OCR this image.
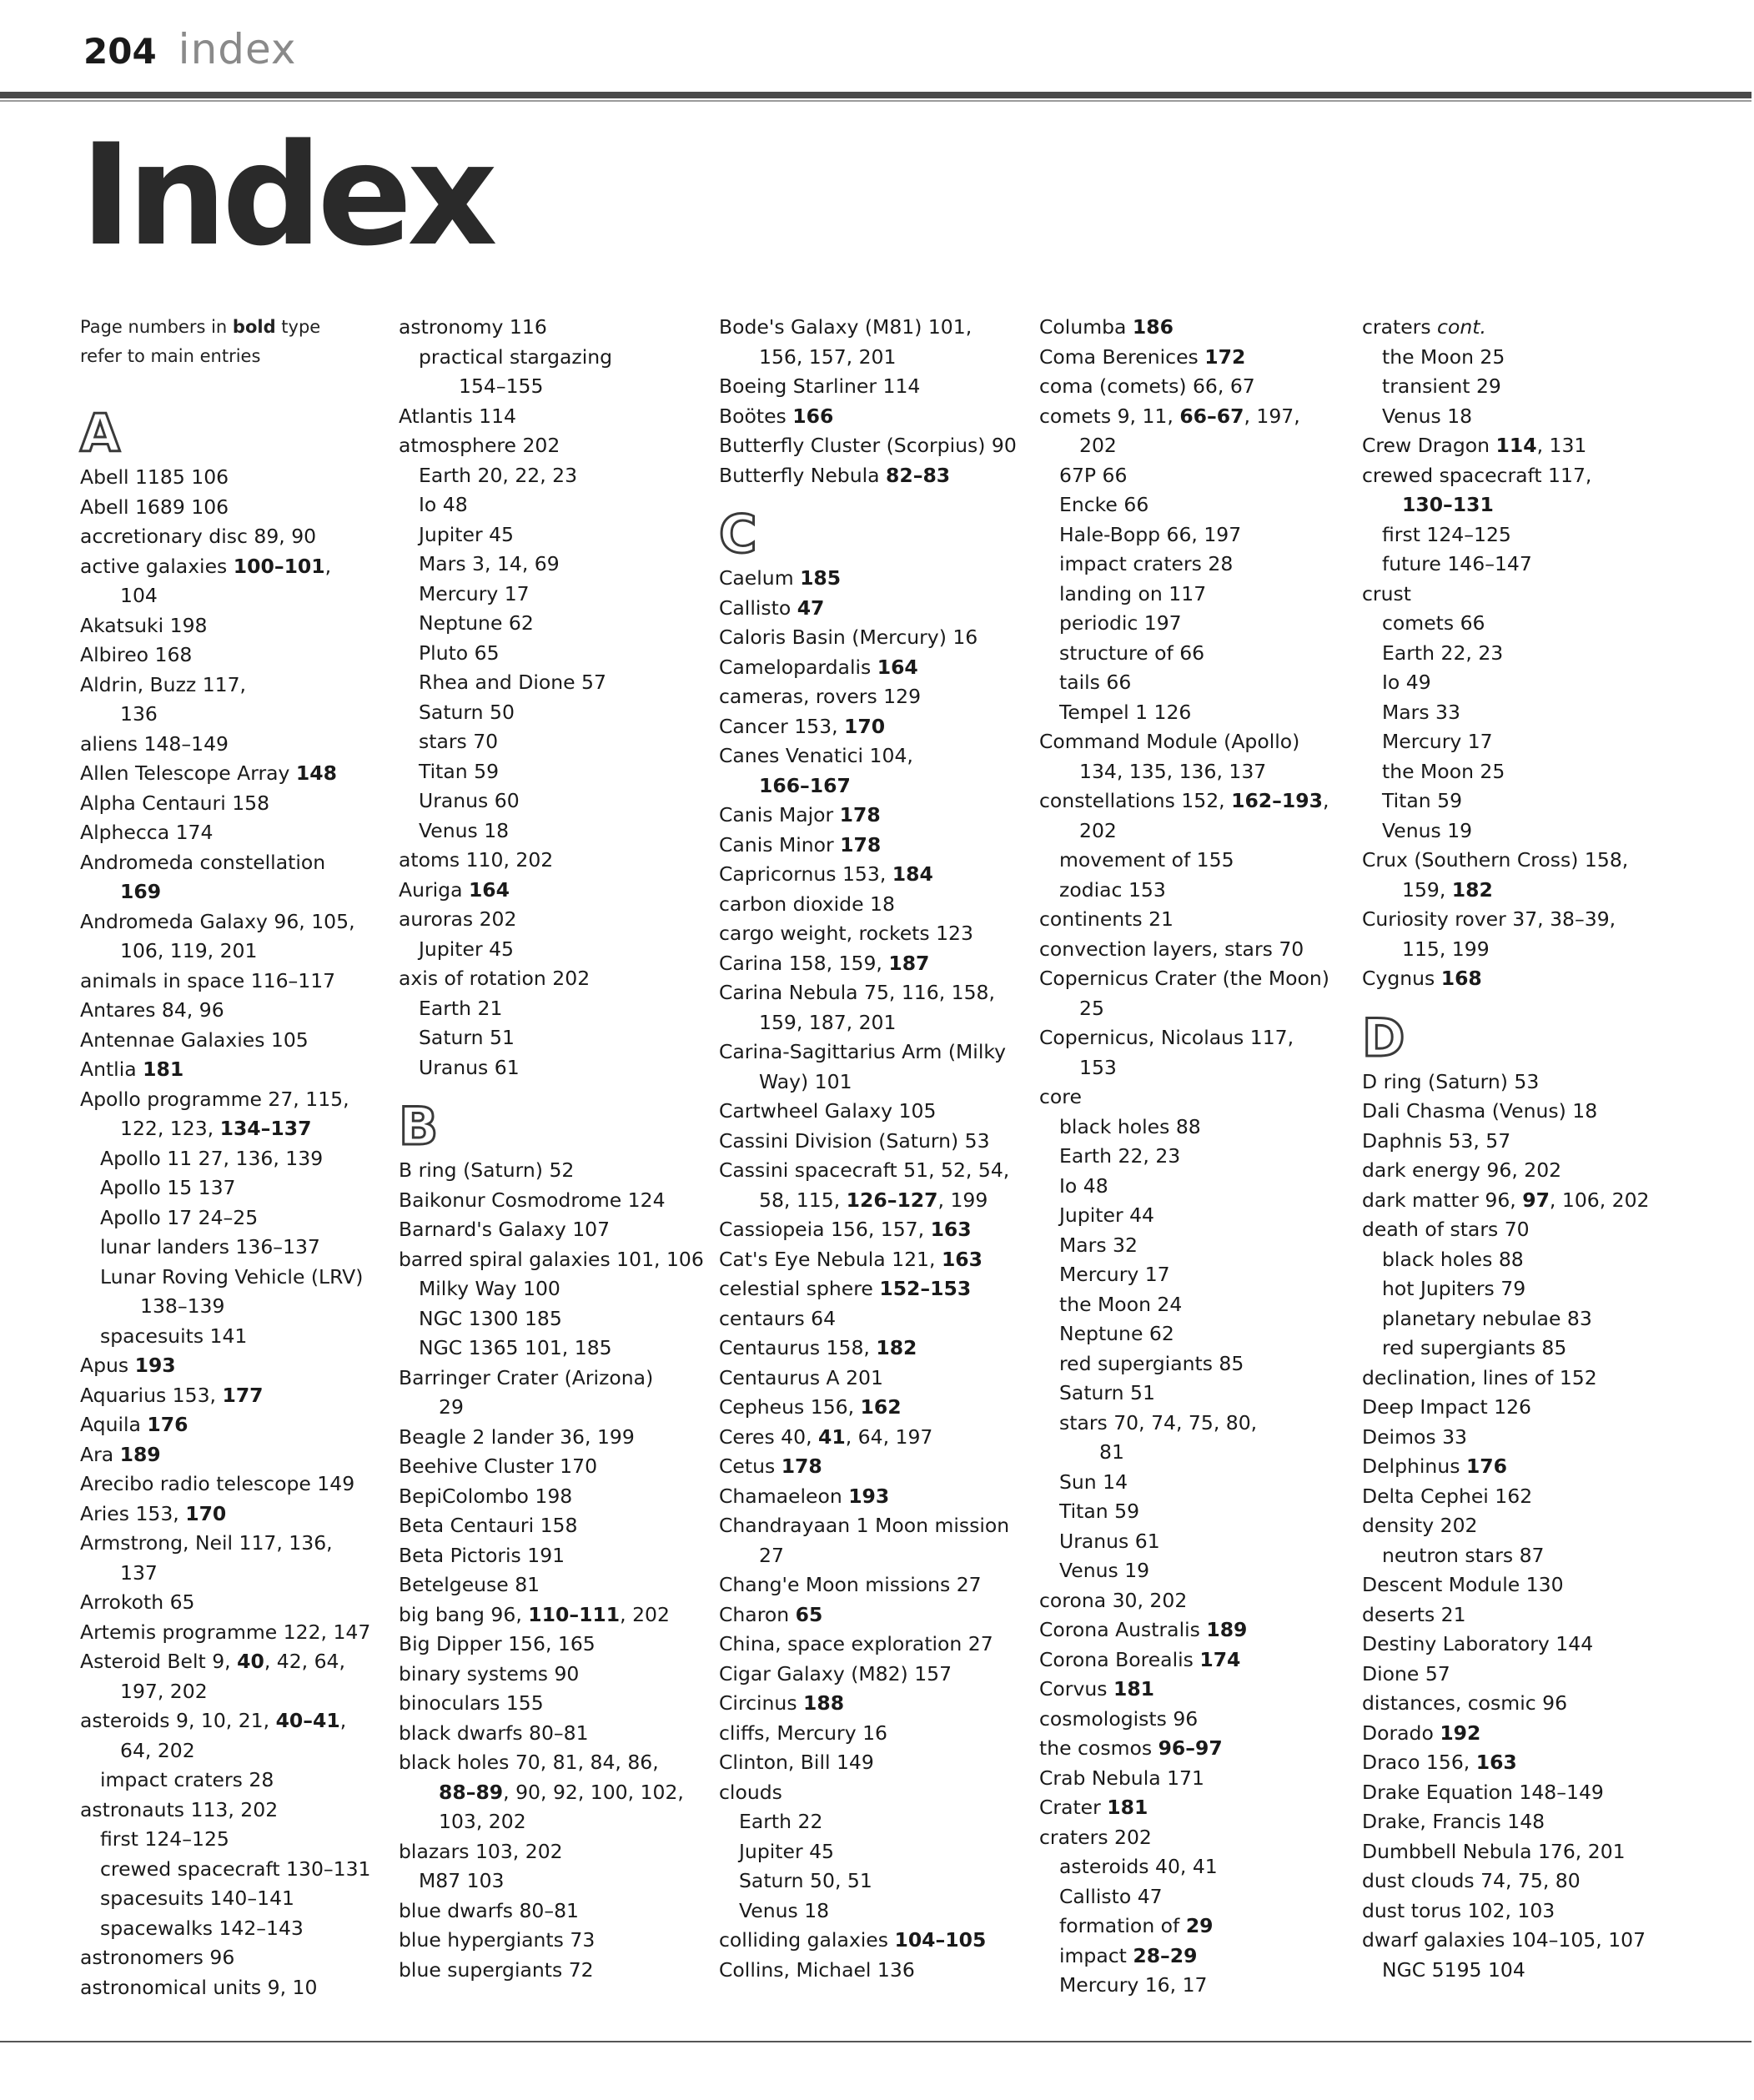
204 index
Index
Page numbers in bold type refer to main entries
A
Abell 1185 106
Abell 1689 106
accretionary disc 89, 90
active galaxies 100–101,
104
Akatsuki 198
Albireo 168
Aldrin, Buzz 117,
136
aliens 148–149
Allen Telescope Array 148
Alpha Centauri 158
Alphecca 174
Andromeda constellation
169
Andromeda Galaxy 96, 105,
106, 119, 201
animals in space 116–117
Antares 84, 96
Antennae Galaxies 105
Antlia 181
Apollo programme 27, 115,
122, 123, 134–137
Apollo 11 27, 136, 139
Apollo 15 137
Apollo 17 24–25
lunar landers 136–137
Lunar Roving Vehicle (LRV)
138–139
spacesuits 141
Apus 193
Aquarius 153, 177
Aquila 176
Ara 189
Arecibo radio telescope 149
Aries 153, 170
Armstrong, Neil 117, 136,
137
Arrokoth 65
Artemis programme 122, 147
Asteroid Belt 9, 40, 42, 64,
197, 202
asteroids 9, 10, 21, 40–41,
64, 202
impact craters 28
astronauts 113, 202
first 124–125
crewed spacecraft 130–131
spacesuits 140–141
spacewalks 142–143
astronomers 96
astronomical units 9, 10
astronomy 116
practical stargazing
154–155
Atlantis 114
atmosphere 202
Earth 20, 22, 23
Io 48
Jupiter 45
Mars 3, 14, 69
Mercury 17
Neptune 62
Pluto 65
Rhea and Dione 57
Saturn 50
stars 70
Titan 59
Uranus 60
Venus 18
atoms 110, 202
Auriga 164
auroras 202
Jupiter 45
axis of rotation 202
Earth 21
Saturn 51
Uranus 61
B
B ring (Saturn) 52
Baikonur Cosmodrome 124
Barnard's Galaxy 107
barred spiral galaxies 101, 106
Milky Way 100
NGC 1300 185
NGC 1365 101, 185
Barringer Crater (Arizona)
29
Beagle 2 lander 36, 199
Beehive Cluster 170
BepiColombo 198
Beta Centauri 158
Beta Pictoris 191
Betelgeuse 81
big bang 96, 110–111, 202
Big Dipper 156, 165
binary systems 90
binoculars 155
black dwarfs 80–81
black holes 70, 81, 84, 86,
88–89, 90, 92, 100, 102,
103, 202
blazars 103, 202
M87 103
blue dwarfs 80–81
blue hypergiants 73
blue supergiants 72
Bode's Galaxy (M81) 101,
156, 157, 201
Boeing Starliner 114
Boötes 166
Butterfly Cluster (Scorpius) 90
Butterfly Nebula 82–83
C
Caelum 185
Callisto 47
Caloris Basin (Mercury) 16
Camelopardalis 164
cameras, rovers 129
Cancer 153, 170
Canes Venatici 104,
166–167
Canis Major 178
Canis Minor 178
Capricornus 153, 184
carbon dioxide 18
cargo weight, rockets 123
Carina 158, 159, 187
Carina Nebula 75, 116, 158,
159, 187, 201
Carina-Sagittarius Arm (Milky
Way) 101
Cartwheel Galaxy 105
Cassini Division (Saturn) 53
Cassini spacecraft 51, 52, 54,
58, 115, 126–127, 199
Cassiopeia 156, 157, 163
Cat's Eye Nebula 121, 163
celestial sphere 152–153
centaurs 64
Centaurus 158, 182
Centaurus A 201
Cepheus 156, 162
Ceres 40, 41, 64, 197
Cetus 178
Chamaeleon 193
Chandrayaan 1 Moon mission
27
Chang'e Moon missions 27
Charon 65
China, space exploration 27
Cigar Galaxy (M82) 157
Circinus 188
cliffs, Mercury 16
Clinton, Bill 149
clouds
Earth 22
Jupiter 45
Saturn 50, 51
Venus 18
colliding galaxies 104–105
Collins, Michael 136
Columba 186
Coma Berenices 172
coma (comets) 66, 67
comets 9, 11, 66–67, 197,
202
67P 66
Encke 66
Hale-Bopp 66, 197
impact craters 28
landing on 117
periodic 197
structure of 66
tails 66
Tempel 1 126
Command Module (Apollo)
134, 135, 136, 137
constellations 152, 162–193,
202
movement of 155
zodiac 153
continents 21
convection layers, stars 70
Copernicus Crater (the Moon)
25
Copernicus, Nicolaus 117,
153
core
black holes 88
Earth 22, 23
Io 48
Jupiter 44
Mars 32
Mercury 17
the Moon 24
Neptune 62
red supergiants 85
Saturn 51
stars 70, 74, 75, 80,
81
Sun 14
Titan 59
Uranus 61
Venus 19
corona 30, 202
Corona Australis 189
Corona Borealis 174
Corvus 181
cosmologists 96
the cosmos 96–97
Crab Nebula 171
Crater 181
craters 202
asteroids 40, 41
Callisto 47
formation of 29
impact 28–29
Mercury 16, 17
craters cont.
the Moon 25
transient 29
Venus 18
Crew Dragon 114, 131
crewed spacecraft 117,
130–131
first 124–125
future 146–147
crust
comets 66
Earth 22, 23
Io 49
Mars 33
Mercury 17
the Moon 25
Titan 59
Venus 19
Crux (Southern Cross) 158,
159, 182
Curiosity rover 37, 38–39,
115, 199
Cygnus 168
D
D ring (Saturn) 53
Dali Chasma (Venus) 18
Daphnis 53, 57
dark energy 96, 202
dark matter 96, 97, 106, 202
death of stars 70
black holes 88
hot Jupiters 79
planetary nebulae 83
red supergiants 85
declination, lines of 152
Deep Impact 126
Deimos 33
Delphinus 176
Delta Cephei 162
density 202
neutron stars 87
Descent Module 130
deserts 21
Destiny Laboratory 144
Dione 57
distances, cosmic 96
Dorado 192
Draco 156, 163
Drake Equation 148–149
Drake, Francis 148
Dumbbell Nebula 176, 201
dust clouds 74, 75, 80
dust torus 102, 103
dwarf galaxies 104–105, 107
NGC 5195 104
